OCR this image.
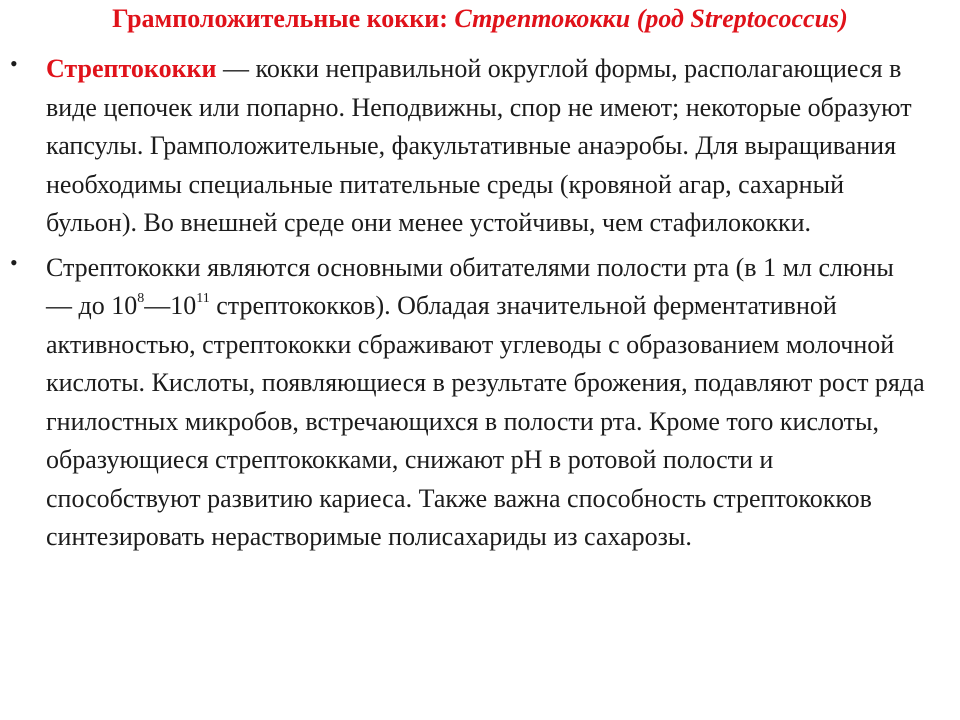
Грамположительные кокки: Стрептококки (род Streptococcus)
• Стрептококки — кокки неправильной округлой формы, располагающиеся в виде цепочек или попарно. Неподвижны, спор не имеют; некоторые образуют капсулы. Грамположительные, факультативные анаэробы. Для выращивания необходимы специальные питательные среды (кровяной агар, сахарный бульон). Во внешней среде они менее устойчивы, чем стафилококки.
• Стрептококки являются основными обитателями полости рта (в 1 мл слюны — до $10^8—10^{11}$ стрептококков). Обладая значительной ферментативной активностью, стрептококки сбраживают углеводы с образованием молочной кислоты. Кислоты, появляющиеся в результате брожения, подавляют рост ряда гнилостных микробов, встречающихся в полости рта. Кроме того кислоты, образующиеся стрептококками, снижают pH в ротовой полости и способствуют развитию кариеса. Также важна способность стрептококков синтезировать нерастворимые полисахариды из сахарозы.
